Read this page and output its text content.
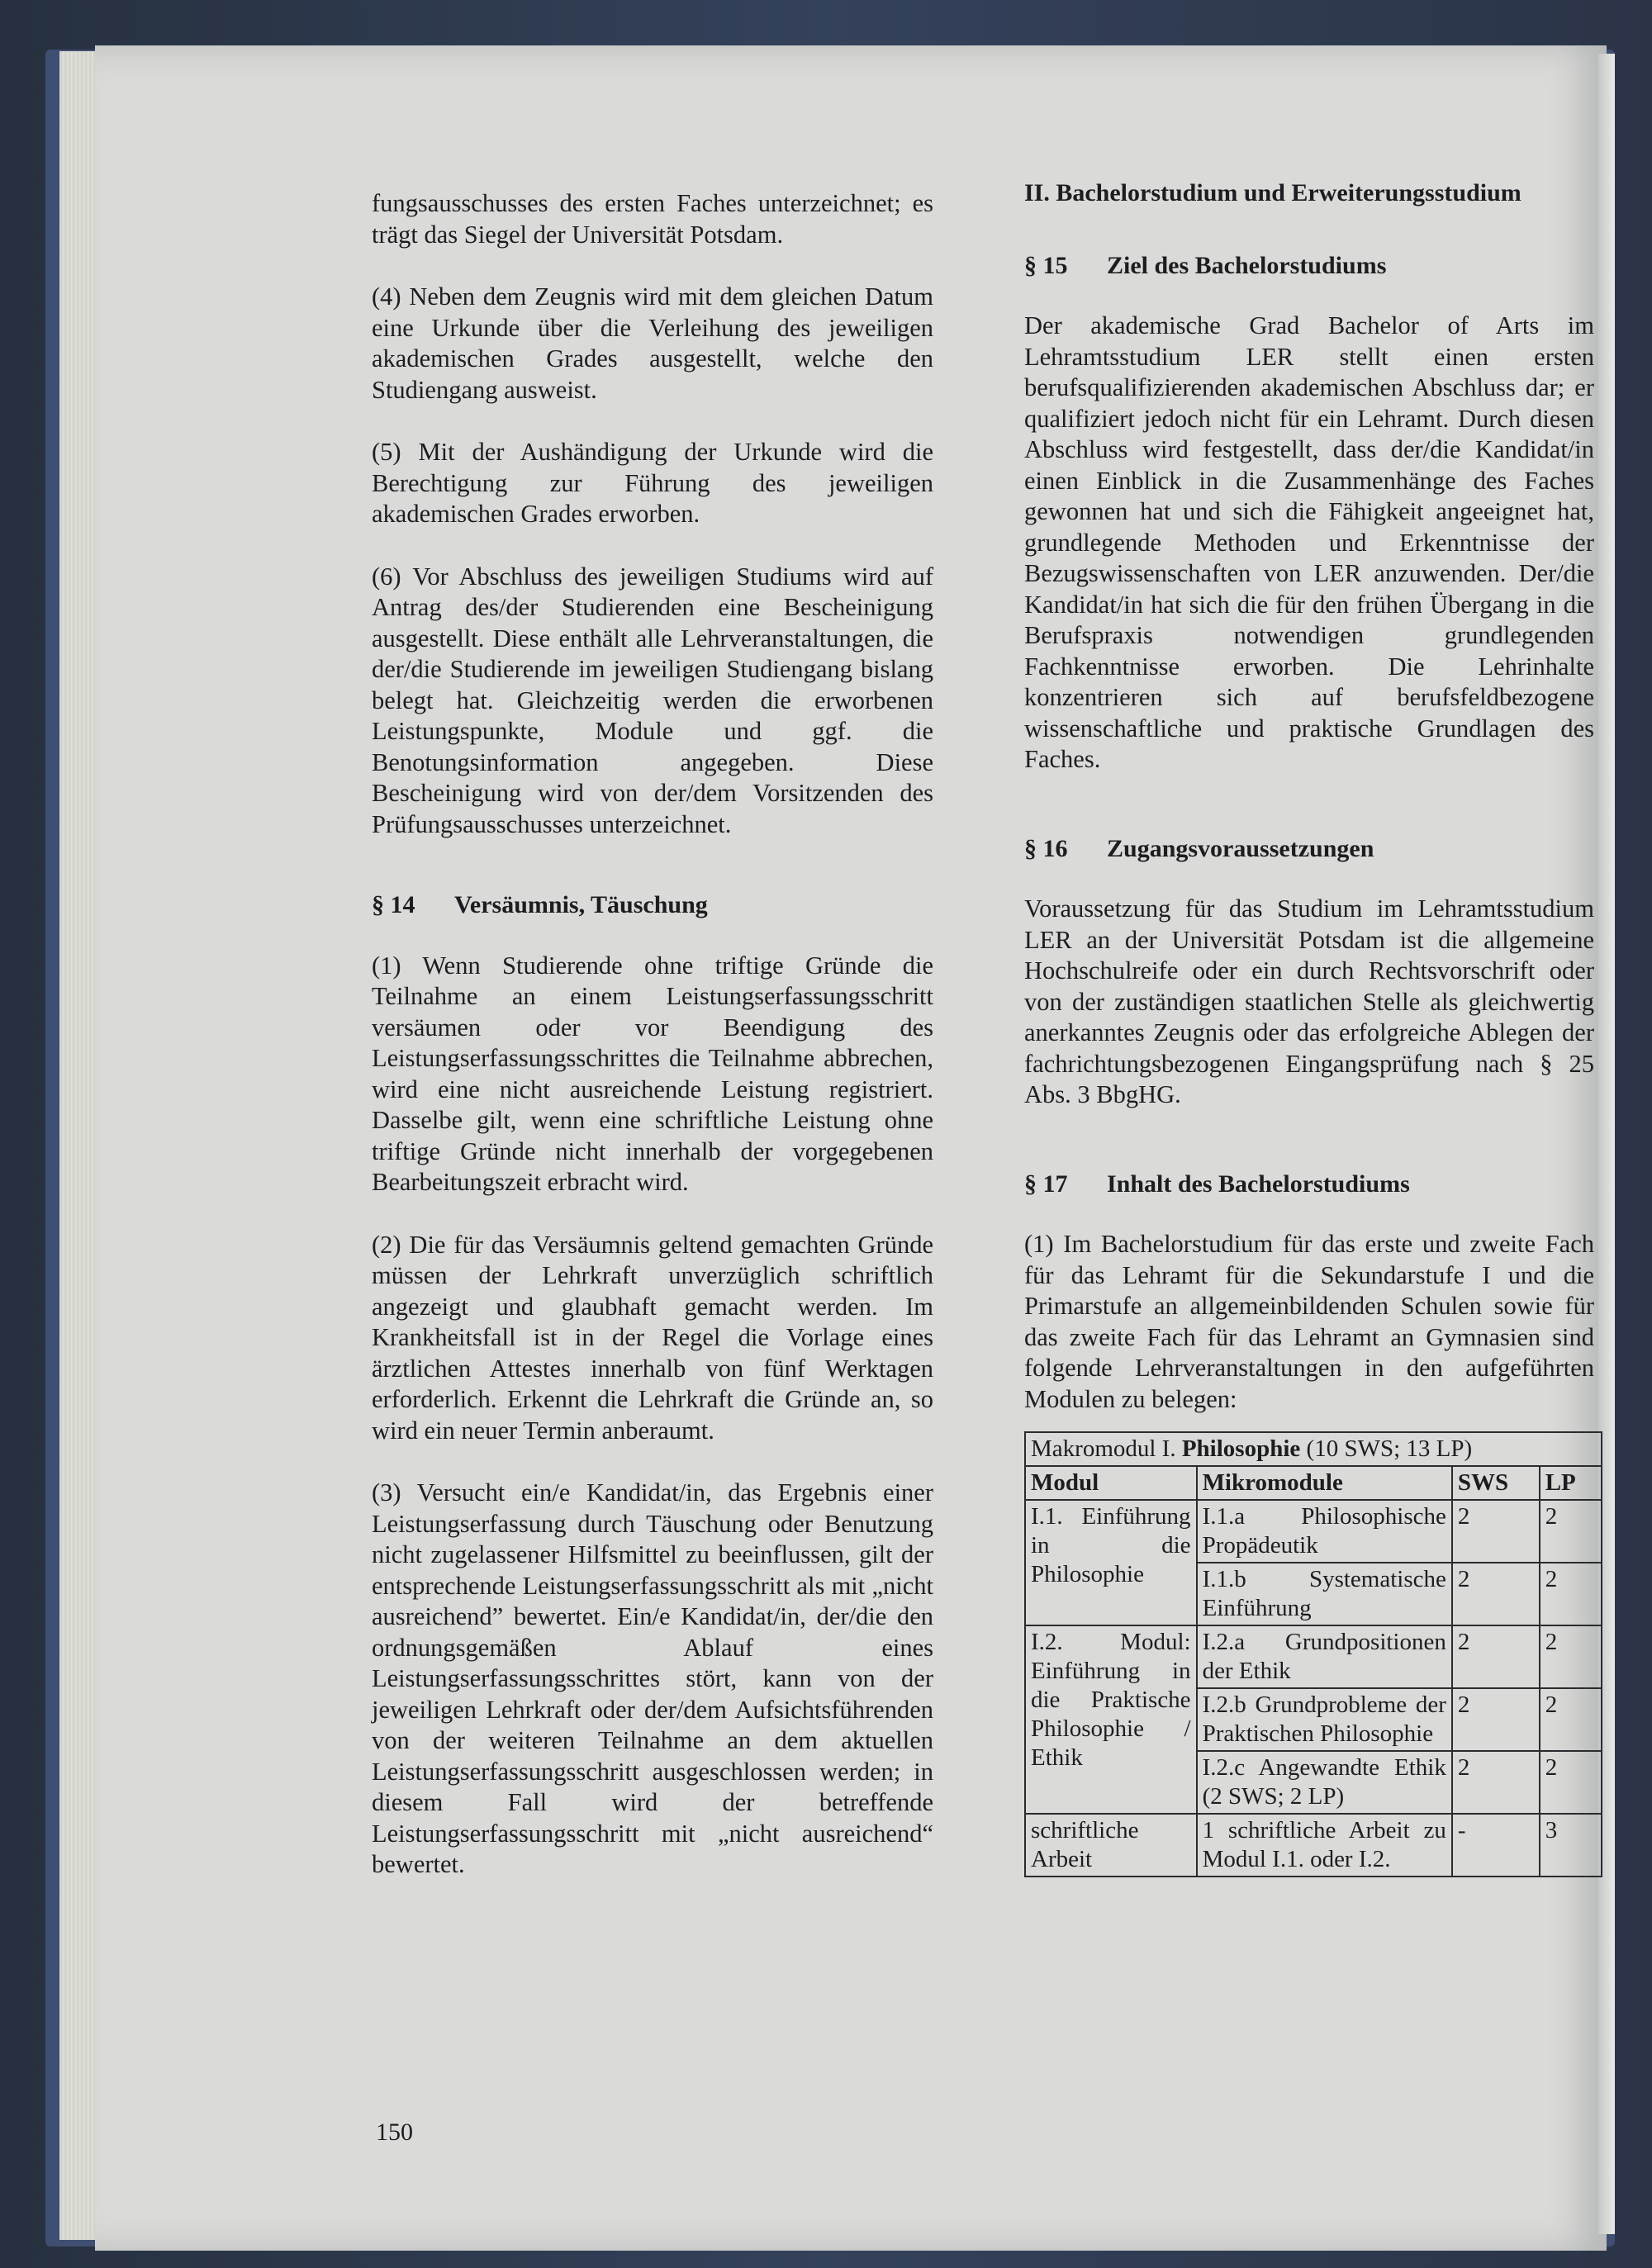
fungsausschusses des ersten Faches unterzeichnet; es trägt das Siegel der Universität Potsdam.

(4) Neben dem Zeugnis wird mit dem gleichen Datum eine Urkunde über die Verleihung des jeweiligen akademischen Grades ausgestellt, welche den Studiengang ausweist.

(5) Mit der Aushändigung der Urkunde wird die Berechtigung zur Führung des jeweiligen akademischen Grades erworben.

(6) Vor Abschluss des jeweiligen Studiums wird auf Antrag des/der Studierenden eine Bescheinigung ausgestellt. Diese enthält alle Lehrveranstaltungen, die der/die Studierende im jeweiligen Studiengang bislang belegt hat. Gleichzeitig werden die erworbenen Leistungspunkte, Module und ggf. die Benotungsinformation angegeben. Diese Bescheinigung wird von der/dem Vorsitzenden des Prüfungsausschusses unterzeichnet.

§ 14 Versäumnis, Täuschung

(1) Wenn Studierende ohne triftige Gründe die Teilnahme an einem Leistungserfassungsschritt versäumen oder vor Beendigung des Leistungserfassungsschrittes die Teilnahme abbrechen, wird eine nicht ausreichende Leistung registriert. Dasselbe gilt, wenn eine schriftliche Leistung ohne triftige Gründe nicht innerhalb der vorgegebenen Bearbeitungszeit erbracht wird.

(2) Die für das Versäumnis geltend gemachten Gründe müssen der Lehrkraft unverzüglich schriftlich angezeigt und glaubhaft gemacht werden. Im Krankheitsfall ist in der Regel die Vorlage eines ärztlichen Attestes innerhalb von fünf Werktagen erforderlich. Erkennt die Lehrkraft die Gründe an, so wird ein neuer Termin anberaumt.

(3) Versucht ein/e Kandidat/in, das Ergebnis einer Leistungserfassung durch Täuschung oder Benutzung nicht zugelassener Hilfsmittel zu beeinflussen, gilt der entsprechende Leistungserfassungsschritt als mit „nicht ausreichend” bewertet. Ein/e Kandidat/in, der/die den ordnungsgemäßen Ablauf eines Leistungserfassungsschrittes stört, kann von der jeweiligen Lehrkraft oder der/dem Aufsichtsführenden von der weiteren Teilnahme an dem aktuellen Leistungserfassungsschritt ausgeschlossen werden; in diesem Fall wird der betreffende Leistungserfassungsschritt mit „nicht ausreichend“ bewertet.

II. Bachelorstudium und Erweiterungsstudium
§ 15 Ziel des Bachelorstudiums

Der akademische Grad Bachelor of Arts im Lehramtsstudium LER stellt einen ersten berufsqualifizierenden akademischen Abschluss dar; er qualifiziert jedoch nicht für ein Lehramt. Durch diesen Abschluss wird festgestellt, dass der/die Kandidat/in einen Einblick in die Zusammenhänge des Faches gewonnen hat und sich die Fähigkeit angeeignet hat, grundlegende Methoden und Erkenntnisse der Bezugswissenschaften von LER anzuwenden. Der/die Kandidat/in hat sich die für den frühen Übergang in die Berufspraxis notwendigen grundlegenden Fachkenntnisse erworben. Die Lehrinhalte konzentrieren sich auf berufsfeldbezogene wissenschaftliche und praktische Grundlagen des Faches.

§ 16 Zugangsvoraussetzungen

Voraussetzung für das Studium im Lehramtsstudium LER an der Universität Potsdam ist die allgemeine Hochschulreife oder ein durch Rechtsvorschrift oder von der zuständigen staatlichen Stelle als gleichwertig anerkanntes Zeugnis oder das erfolgreiche Ablegen der fachrichtungsbezogenen Eingangsprüfung nach § 25 Abs. 3 BbgHG.

§ 17 Inhalt des Bachelorstudiums

(1) Im Bachelorstudium für das erste und zweite Fach für das Lehramt für die Sekundarstufe I und die Primarstufe an allgemeinbildenden Schulen sowie für das zweite Fach für das Lehramt an Gymnasien sind folgende Lehrveranstaltungen in den aufgeführten Modulen zu belegen:

Makromodul I. Philosophie (10 SWS; 13 LP)			
Modul	Mikromodule	SWS	LP
I.1. Einführung in die Philosophie	I.1.a Philosophische Propädeutik	2	2
	I.1.b Systematische Einführung	2	2
I.2. Modul: Einführung in die Praktische Philosophie / Ethik	I.2.a Grundpositionen der Ethik	2	2
	I.2.b Grundprobleme der Praktischen Philosophie	2	2
	I.2.c Angewandte Ethik (2 SWS; 2 LP)	2	2
schriftliche Arbeit	1 schriftliche Arbeit zu Modul I.1. oder I.2.	-	3
150
